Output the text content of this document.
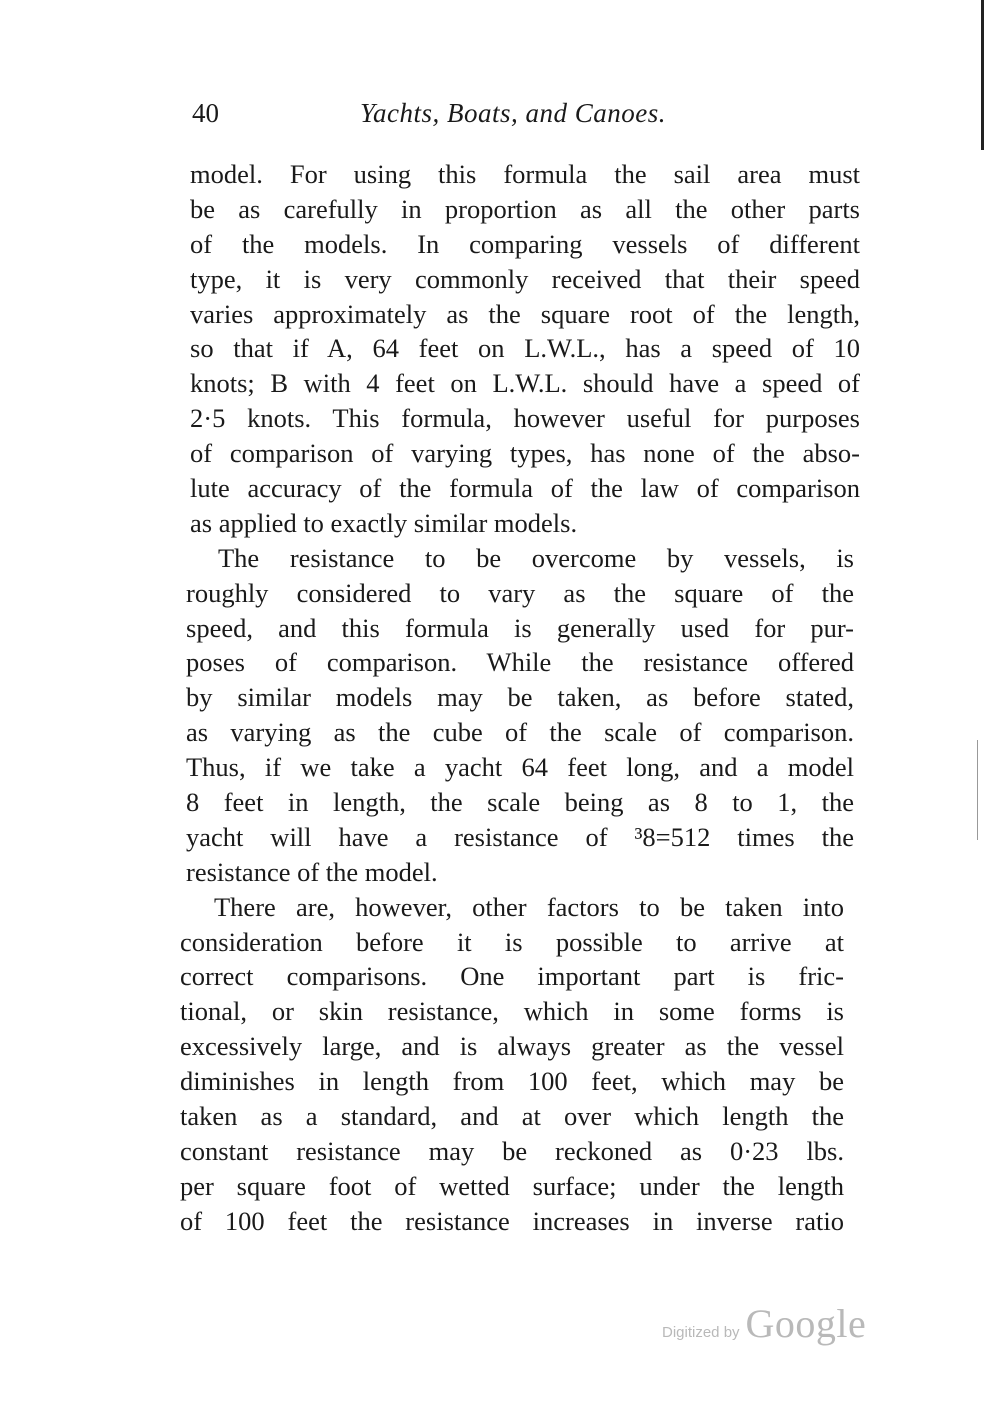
40	Yachts, Boats, and Canoes.
model. For using this formula the sail area must
be as carefully in proportion as all the other parts
of the models. In comparing vessels of different
type, it is very commonly received that their speed
varies approximately as the square root of the length,
so that if A, 64 feet on L.W.L., has a speed of 10
knots; B with 4 feet on L.W.L. should have a speed of
2·5 knots. This formula, however useful for purposes
of comparison of varying types, has none of the abso-
lute accuracy of the formula of the law of comparison
as applied to exactly similar models.
The resistance to be overcome by vessels, is
roughly considered to vary as the square of the
speed, and this formula is generally used for pur-
poses of comparison. While the resistance offered
by similar models may be taken, as before stated,
as varying as the cube of the scale of comparison.
Thus, if we take a yacht 64 feet long, and a model
8 feet in length, the scale being as 8 to 1, the
yacht will have a resistance of ³8=512 times the
resistance of the model.
There are, however, other factors to be taken into
consideration before it is possible to arrive at
correct comparisons. One important part is fric-
tional, or skin resistance, which in some forms is
excessively large, and is always greater as the vessel
diminishes in length from 100 feet, which may be
taken as a standard, and at over which length the
constant resistance may be reckoned as 0·23 lbs.
per square foot of wetted surface; under the length
of 100 feet the resistance increases in inverse ratio
Digitized by Google
